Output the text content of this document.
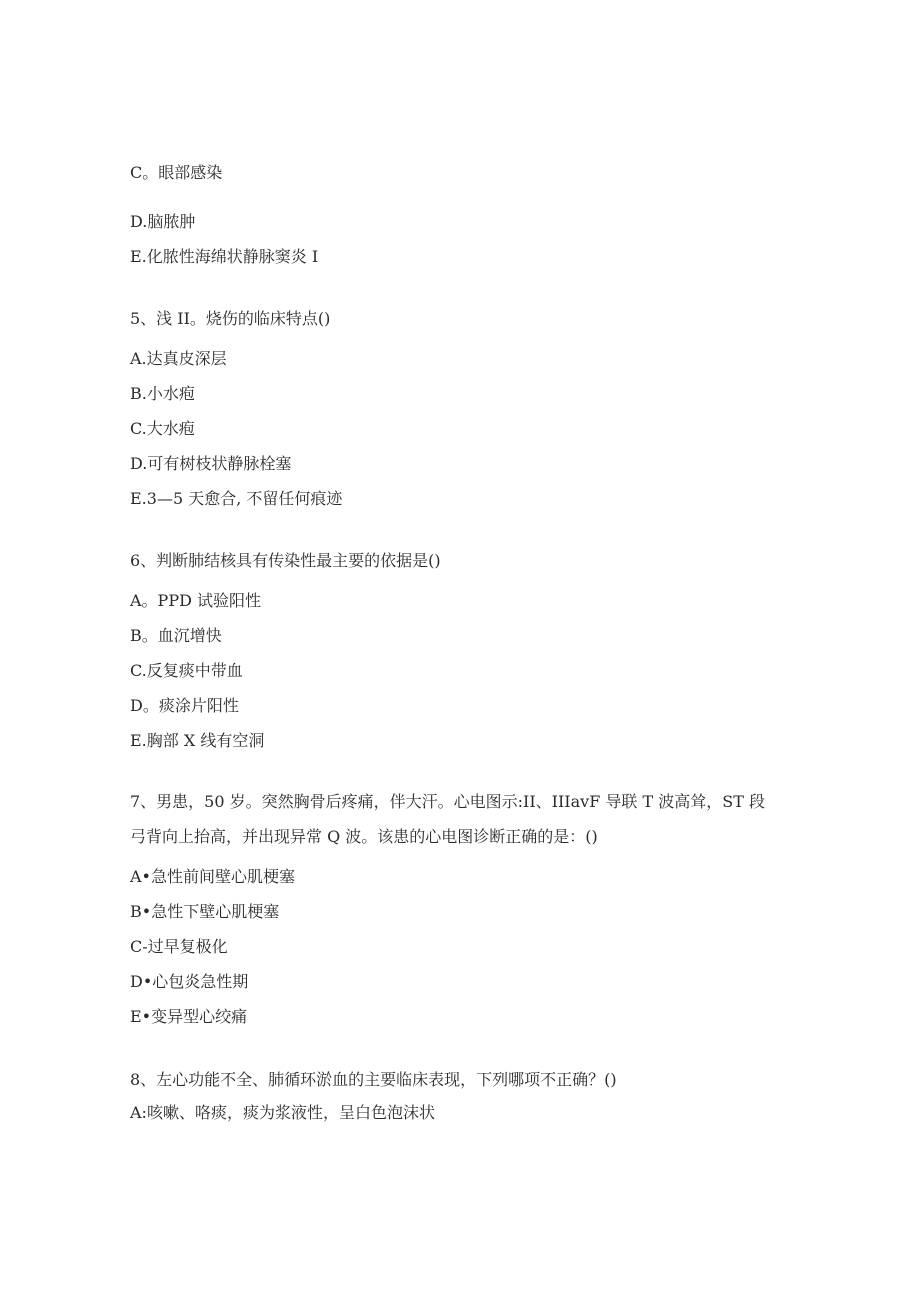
C。眼部感染
D.脑脓肿
E.化脓性海绵状静脉窦炎 I
5、浅 II。烧伤的临床特点()
A.达真皮深层
B.小水疱
C.大水疱
D.可有树枝状静脉栓塞
E.3—5 天愈合, 不留任何痕迹
6、判断肺结核具有传染性最主要的依据是()
A。PPD 试验阳性
B。血沉增快
C.反复痰中带血
D。痰涂片阳性
E.胸部 X 线有空洞
7、男患，50 岁。突然胸骨后疼痛，伴大汗。心电图示:II、IIIavF 导联 T 波高耸，ST 段
弓背向上抬高，并出现异常 Q 波。该患的心电图诊断正确的是：()
A•急性前间壁心肌梗塞
B•急性下壁心肌梗塞
C-过早复极化
D•心包炎急性期
E•变异型心绞痛
8、左心功能不全、肺循环淤血的主要临床表现，下列哪项不正确？()
A:咳嗽、咯痰，痰为浆液性，呈白色泡沫状
